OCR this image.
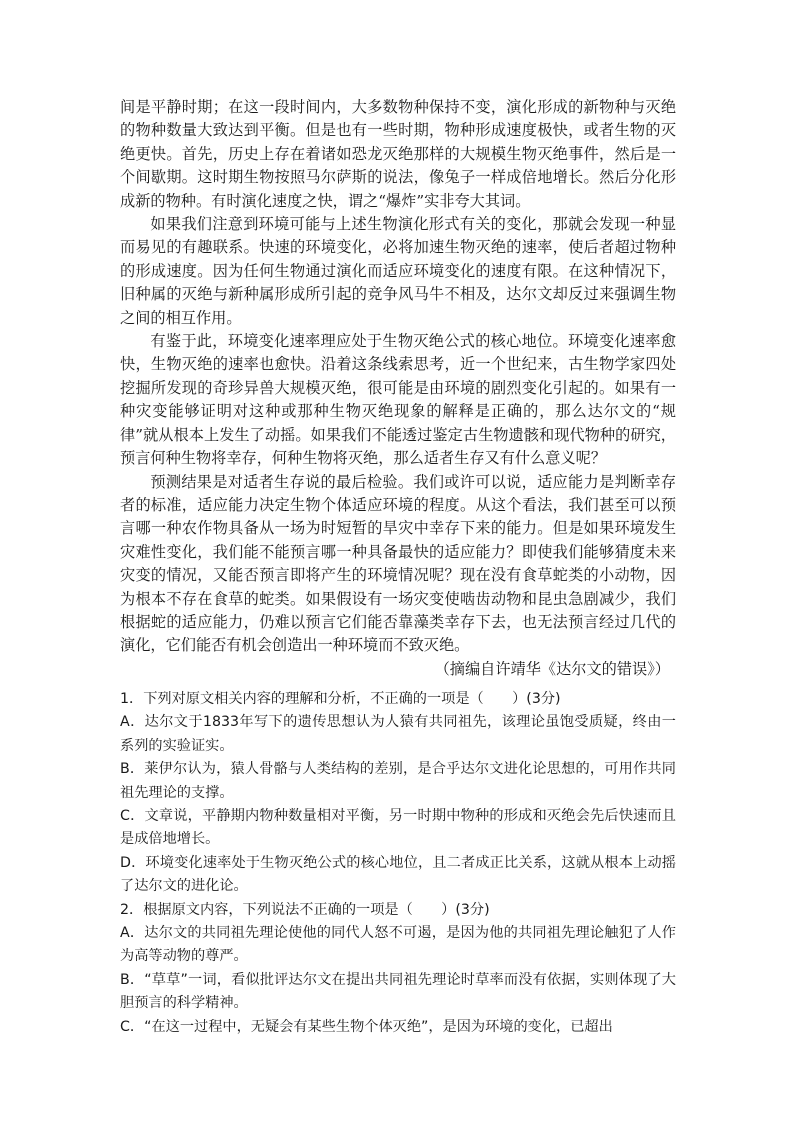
间是平静时期；在这一段时间内，大多数物种保持不变，演化形成的新物种与灭绝的物种数量大致达到平衡。但是也有一些时期，物种形成速度极快，或者生物的灭绝更快。首先，历史上存在着诸如恐龙灭绝那样的大规模生物灭绝事件，然后是一个间歇期。这时期生物按照马尔萨斯的说法，像兔子一样成倍地增长。然后分化形成新的物种。有时演化速度之快，谓之“爆炸”实非夸大其词。

如果我们注意到环境可能与上述生物演化形式有关的变化，那就会发现一种显而易见的有趣联系。快速的环境变化，必将加速生物灭绝的速率，使后者超过物种的形成速度。因为任何生物通过演化而适应环境变化的速度有限。在这种情况下，旧种属的灭绝与新种属形成所引起的竞争风马牛不相及，达尔文却反过来强调生物之间的相互作用。

有鉴于此，环境变化速率理应处于生物灭绝公式的核心地位。环境变化速率愈快，生物灭绝的速率也愈快。沿着这条线索思考，近一个世纪来，古生物学家四处挖掘所发现的奇珍异兽大规模灭绝，很可能是由环境的剧烈变化引起的。如果有一种灾变能够证明对这种或那种生物灭绝现象的解释是正确的，那么达尔文的“规律”就从根本上发生了动摇。如果我们不能透过鉴定古生物遗骸和现代物种的研究，预言何种生物将幸存，何种生物将灭绝，那么适者生存又有什么意义呢？

预测结果是对适者生存说的最后检验。我们或许可以说，适应能力是判断幸存者的标准，适应能力决定生物个体适应环境的程度。从这个看法，我们甚至可以预言哪一种农作物具备从一场为时短暂的旱灾中幸存下来的能力。但是如果环境发生灾难性变化，我们能不能预言哪一种具备最快的适应能力？即使我们能够猜度未来灾变的情况，又能否预言即将产生的环境情况呢？现在没有食草蛇类的小动物，因为根本不存在食草的蛇类。如果假设有一场灾变使啮齿动物和昆虫急剧减少，我们根据蛇的适应能力，仍难以预言它们能否靠藻类幸存下去，也无法预言经过几代的演化，它们能否有机会创造出一种环境而不致灭绝。

（摘编自许靖华《达尔文的错误》）

1．下列对原文相关内容的理解和分析，不正确的一项是（　　）(3分)

A．达尔文于1833年写下的遗传思想认为人猿有共同祖先，该理论虽饱受质疑，终由一系列的实验证实。

B．莱伊尔认为，猿人骨骼与人类结构的差别，是合乎达尔文进化论思想的，可用作共同祖先理论的支撑。

C．文章说，平静期内物种数量相对平衡，另一时期中物种的形成和灭绝会先后快速而且是成倍地增长。

D．环境变化速率处于生物灭绝公式的核心地位，且二者成正比关系，这就从根本上动摇了达尔文的进化论。

2．根据原文内容，下列说法不正确的一项是（　　）(3分)

A．达尔文的共同祖先理论使他的同代人怒不可遏，是因为他的共同祖先理论触犯了人作为高等动物的尊严。

B．“草草”一词，看似批评达尔文在提出共同祖先理论时草率而没有依据，实则体现了大胆预言的科学精神。

C．“在这一过程中，无疑会有某些生物个体灭绝”，是因为环境的变化，已超出
